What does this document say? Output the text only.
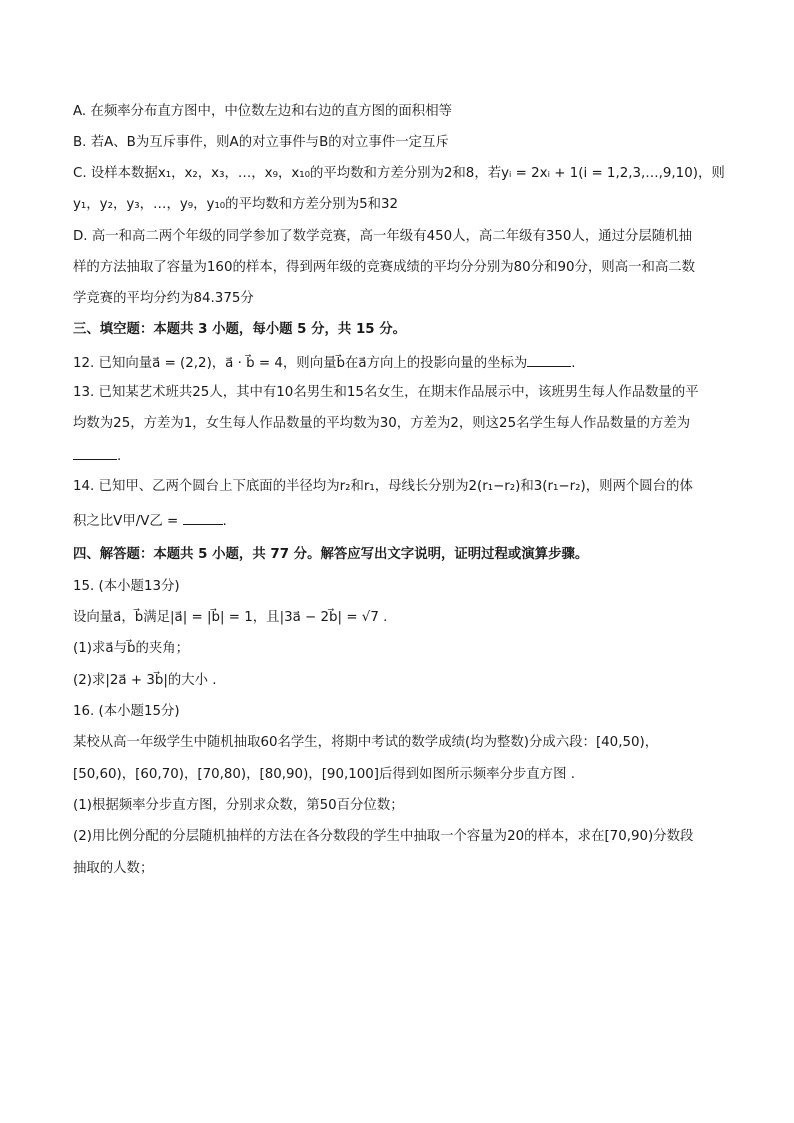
A. 在频率分布直方图中，中位数左边和右边的直方图的面积相等
B. 若A、B为互斥事件，则A的对立事件与B的对立事件一定互斥
C. 设样本数据x₁，x₂，x₃，…，x₉，x₁₀的平均数和方差分别为2和8，若yᵢ = 2xᵢ + 1(i = 1,2,3,…,9,10)，则
y₁，y₂，y₃，…，y₉，y₁₀的平均数和方差分别为5和32
D. 高一和高二两个年级的同学参加了数学竞赛，高一年级有450人，高二年级有350人，通过分层随机抽
样的方法抽取了容量为160的样本，得到两年级的竞赛成绩的平均分分别为80分和90分，则高一和高二数
学竞赛的平均分约为84.375分
三、填空题：本题共 3 小题，每小题 5 分，共 15 分。
12. 已知向量a⃗ = (2,2)，a⃗ · b⃗ = 4，则向量b⃗在a⃗方向上的投影向量的坐标为	.
13. 已知某艺术班共25人，其中有10名男生和15名女生，在期末作品展示中，该班男生每人作品数量的平
均数为25，方差为1，女生每人作品数量的平均数为30，方差为2，则这25名学生每人作品数量的方差为
.
14. 已知甲、乙两个圆台上下底面的半径均为r₂和r₁，母线长分别为2(r₁−r₂)和3(r₁−r₂)，则两个圆台的体
积之比V甲/V乙 =	.
四、解答题：本题共 5 小题，共 77 分。解答应写出文字说明，证明过程或演算步骤。
15. (本小题13分)
设向量a⃗，b⃗满足|a⃗| = |b⃗| = 1，且|3a⃗ − 2b⃗| = √7 .
(1)求a⃗与b⃗的夹角；
(2)求|2a⃗ + 3b⃗|的大小 .
16. (本小题15分)
某校从高一年级学生中随机抽取60名学生，将期中考试的数学成绩(均为整数)分成六段：[40,50)，
[50,60)，[60,70)，[70,80)，[80,90)，[90,100]后得到如图所示频率分步直方图 .
(1)根据频率分步直方图，分别求众数，第50百分位数；
(2)用比例分配的分层随机抽样的方法在各分数段的学生中抽取一个容量为20的样本，求在[70,90)分数段
抽取的人数；
